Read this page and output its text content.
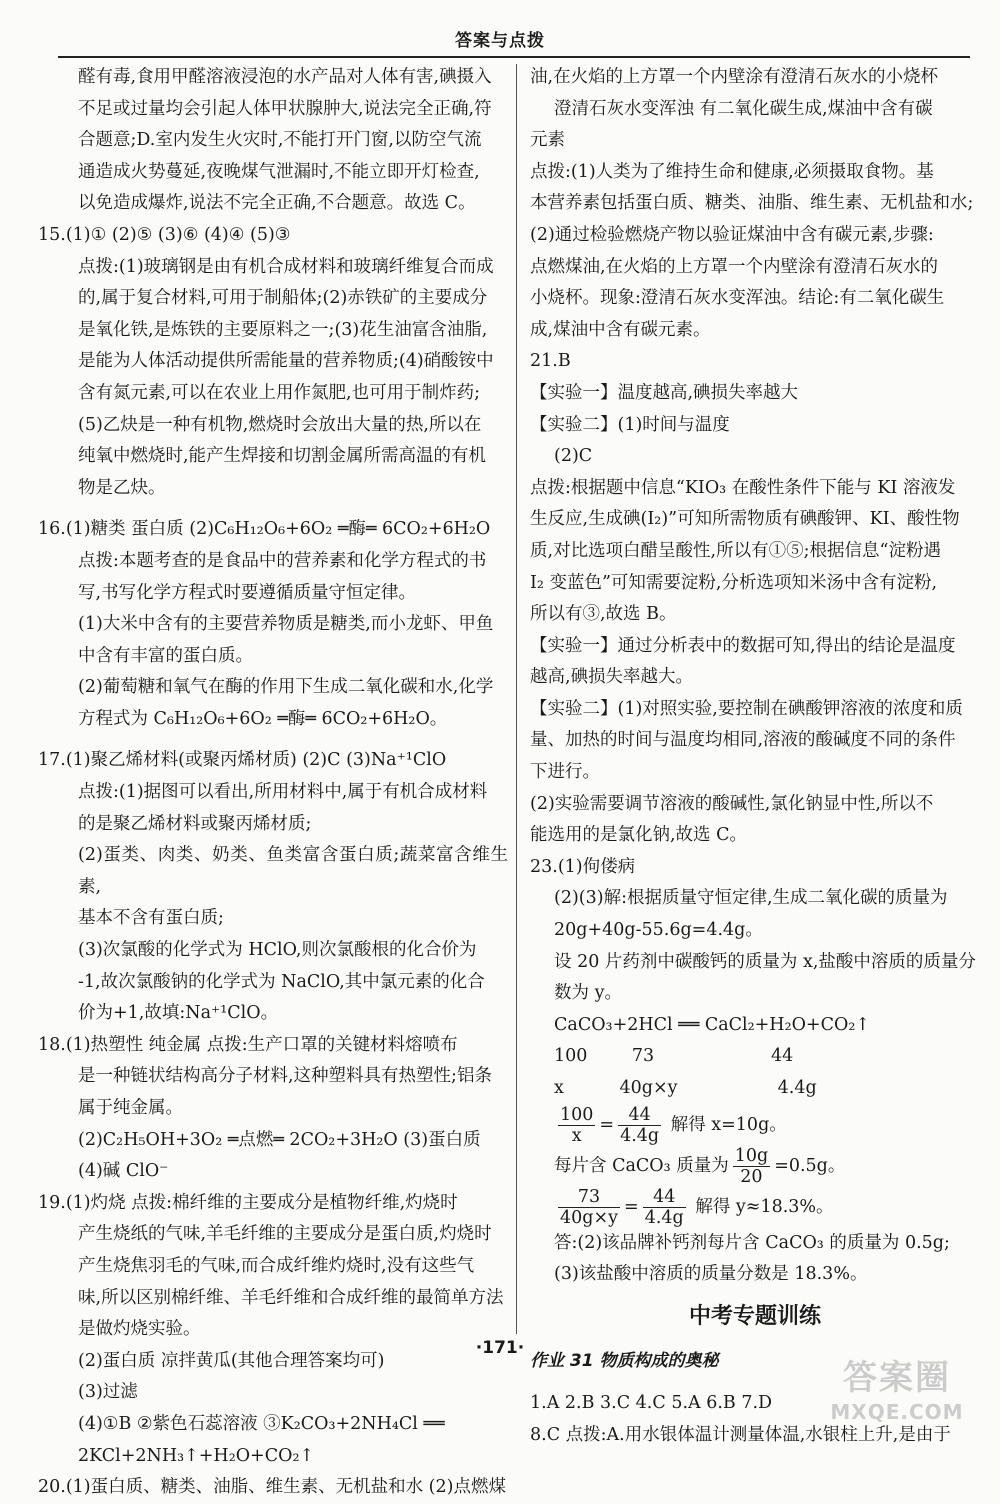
答案与点拨

醛有毒,食用甲醛溶液浸泡的水产品对人体有害,碘摄入

不足或过量均会引起人体甲状腺肿大,说法完全正确,符

合题意;D.室内发生火灾时,不能打开门窗,以防空气流

通造成火势蔓延,夜晚煤气泄漏时,不能立即开灯检查,

以免造成爆炸,说法不完全正确,不合题意。故选 C。

15.(1)① (2)⑤ (3)⑥ (4)④ (5)③

点拨:(1)玻璃钢是由有机合成材料和玻璃纤维复合而成

的,属于复合材料,可用于制船体;(2)赤铁矿的主要成分

是氧化铁,是炼铁的主要原料之一;(3)花生油富含油脂,

是能为人体活动提供所需能量的营养物质;(4)硝酸铵中

含有氮元素,可以在农业上用作氮肥,也可用于制炸药;

(5)乙炔是一种有机物,燃烧时会放出大量的热,所以在

纯氧中燃烧时,能产生焊接和切割金属所需高温的有机

物是乙炔。

16.(1)糖类 蛋白质 (2)C₆H₁₂O₆+6O₂ ═酶═ 6CO₂+6H₂O

点拨:本题考查的是食品中的营养素和化学方程式的书

写,书写化学方程式时要遵循质量守恒定律。

(1)大米中含有的主要营养物质是糖类,而小龙虾、甲鱼

中含有丰富的蛋白质。

(2)葡萄糖和氧气在酶的作用下生成二氧化碳和水,化学

方程式为 C₆H₁₂O₆+6O₂ ═酶═ 6CO₂+6H₂O。

17.(1)聚乙烯材料(或聚丙烯材质) (2)C (3)Na⁺¹ClO

点拨:(1)据图可以看出,所用材料中,属于有机合成材料

的是聚乙烯材料或聚丙烯材质;

(2)蛋类、肉类、奶类、鱼类富含蛋白质;蔬菜富含维生素,

基本不含有蛋白质;

(3)次氯酸的化学式为 HClO,则次氯酸根的化合价为

-1,故次氯酸钠的化学式为 NaClO,其中氯元素的化合

价为+1,故填:Na⁺¹ClO。

18.(1)热塑性 纯金属 点拨:生产口罩的关键材料熔喷布

是一种链状结构高分子材料,这种塑料具有热塑性;铝条

属于纯金属。

(2)C₂H₅OH+3O₂ ═点燃═ 2CO₂+3H₂O (3)蛋白质

(4)碱 ClO⁻

19.(1)灼烧 点拨:棉纤维的主要成分是植物纤维,灼烧时

产生烧纸的气味,羊毛纤维的主要成分是蛋白质,灼烧时

产生烧焦羽毛的气味,而合成纤维灼烧时,没有这些气

味,所以区别棉纤维、羊毛纤维和合成纤维的最简单方法

是做灼烧实验。

(2)蛋白质 凉拌黄瓜(其他合理答案均可)

(3)过滤

(4)①B ②紫色石蕊溶液 ③K₂CO₃+2NH₄Cl ══

2KCl+2NH₃↑+H₂O+CO₂↑

20.(1)蛋白质、糖类、油脂、维生素、无机盐和水 (2)点燃煤

油,在火焰的上方罩一个内壁涂有澄清石灰水的小烧杯

澄清石灰水变浑浊 有二氧化碳生成,煤油中含有碳

元素

点拨:(1)人类为了维持生命和健康,必须摄取食物。基

本营养素包括蛋白质、糖类、油脂、维生素、无机盐和水;

(2)通过检验燃烧产物以验证煤油中含有碳元素,步骤:

点燃煤油,在火焰的上方罩一个内壁涂有澄清石灰水的

小烧杯。现象:澄清石灰水变浑浊。结论:有二氧化碳生

成,煤油中含有碳元素。

21.B

【实验一】温度越高,碘损失率越大

【实验二】(1)时间与温度

(2)C

点拨:根据题中信息“KIO₃ 在酸性条件下能与 KI 溶液发

生反应,生成碘(I₂)”可知所需物质有碘酸钾、KI、酸性物

质,对比选项白醋呈酸性,所以有①⑤;根据信息“淀粉遇

I₂ 变蓝色”可知需要淀粉,分析选项知米汤中含有淀粉,

所以有③,故选 B。

【实验一】通过分析表中的数据可知,得出的结论是温度

越高,碘损失率越大。

【实验二】(1)对照实验,要控制在碘酸钾溶液的浓度和质

量、加热的时间与温度均相同,溶液的酸碱度不同的条件

下进行。

(2)实验需要调节溶液的酸碱性,氯化钠显中性,所以不

能选用的是氯化钠,故选 C。

23.(1)佝偻病

(2)(3)解:根据质量守恒定律,生成二氧化碳的质量为

20g+40g-55.6g=4.4g。

设 20 片药剂中碳酸钙的质量为 x,盐酸中溶质的质量分

数为 y。

CaCO₃+2HCl ══ CaCl₂+H₂O+CO₂↑

100        73                     44

x          40g×y                  4.4g

$\frac{100}{x} = \frac{44}{4.4g}$ 解得 x=10g。

每片含 CaCO₃ 质量为 $\frac{10g}{20} =0.5g$。

$\frac{73}{40g\times y} = \frac{44}{4.4g}$ 解得 y≈18.3%。

答:(2)该品牌补钙剂每片含 CaCO₃ 的质量为 0.5g;

(3)该盐酸中溶质的质量分数是 18.3%。

中考专题训练
作业 31 物质构成的奥秘

1.A 2.B 3.C 4.C 5.A 6.B 7.D

8.C 点拨:A.用水银体温计测量体温,水银柱上升,是由于

·171·
答案圈
MXQE.COM
